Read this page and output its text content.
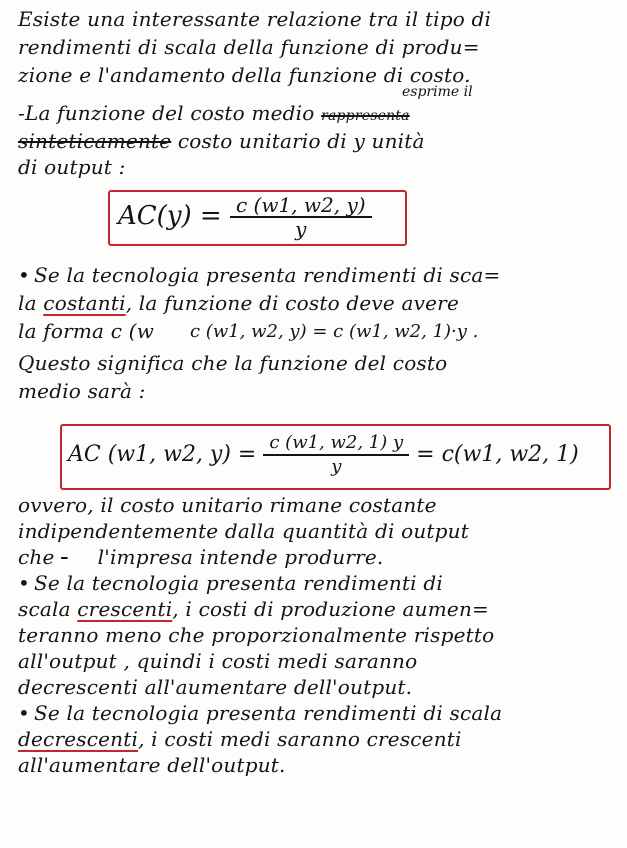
Esiste una interessante relazione tra il tipo di
rendimenti di scala della funzione di produ=
zione e l'andamento della funzione di costo.
esprime il
-La funzione del costo medio rappresenta
sinteticamente costo unitario di y unità
di output :
$AC(y) = \frac{c (w1, w2, y)}{y}$
• Se la tecnologia presenta rendimenti di sca=
la costanti, la funzione di costo deve avere
la forma c (w	c (w1, w2, y) = c (w1, w2, 1)·y .
Questo significa che la funzione del costo
medio sarà :
AC (w1, w2, $y) = \frac{c (w1, w2, 1) y}{y} = c(w1$, w2, 1)
ovvero, il costo unitario rimane costante
indipendentemente dalla quantità di output
che l'impresa intende produrre.
• Se la tecnologia presenta rendimenti di
scala crescenti, i costi di produzione aumen=
teranno meno che proporzionalmente rispetto
all'output , quindi i costi medi saranno
decrescenti all'aumentare dell'output.
• Se la tecnologia presenta rendimenti di scala
decrescenti, i costi medi saranno crescenti
all'aumentare dell'output.
